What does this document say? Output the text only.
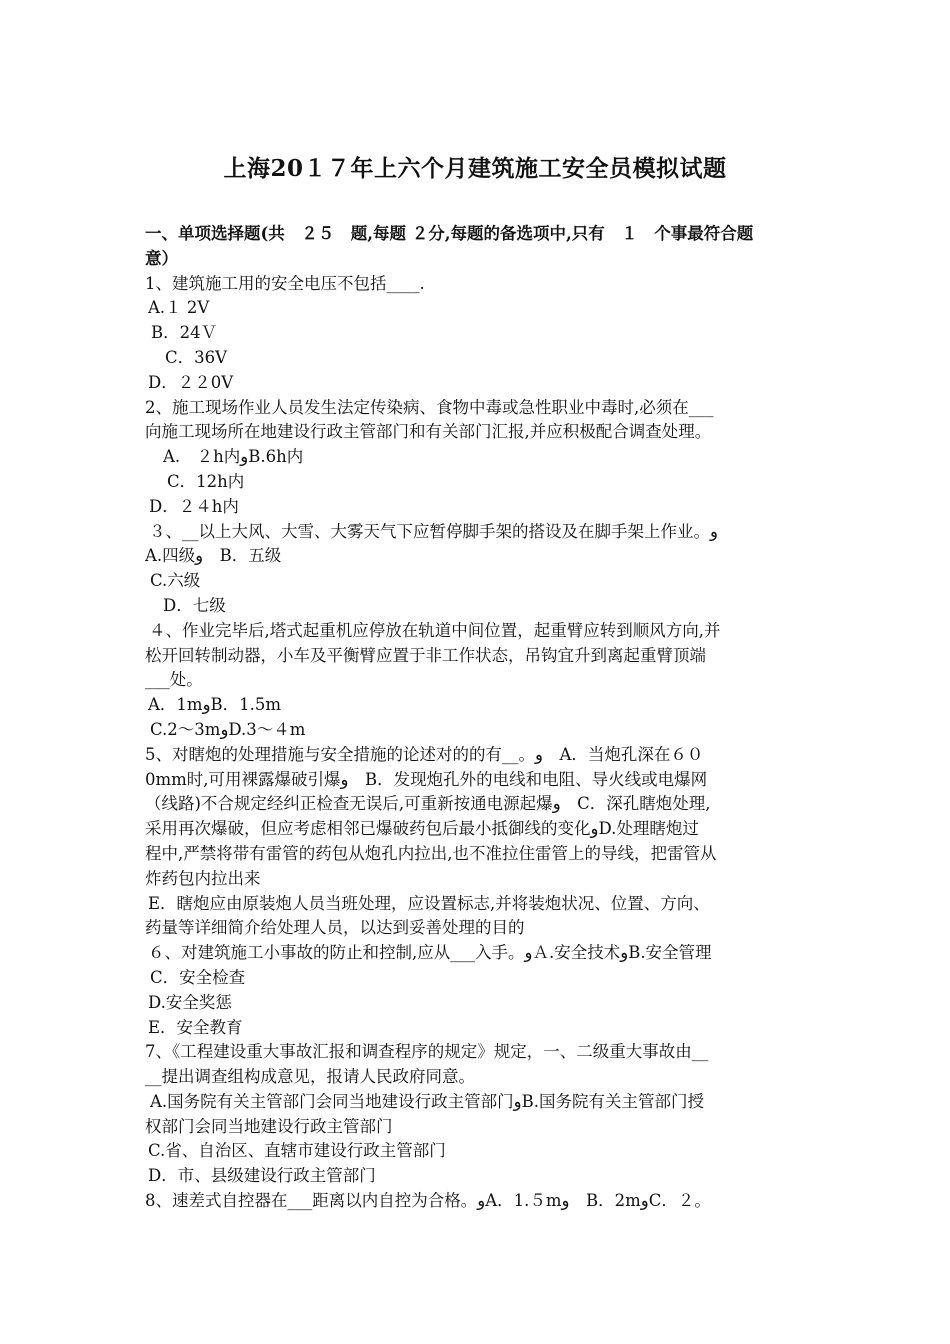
上海20１７年上六个月建筑施工安全员模拟试题
一、单项选择题(共　２５　题,每题 ２分,每题的备选项中,只有　１　个事最符合题
意）
1、建筑施工用的安全电压不包括____.
A.１ 2V
B．24Ｖ
C．36V
D．２２0V
2、施工现场作业人员发生法定传染病、食物中毒或急性职业中毒时,必须在___
向施工现场所在地建设行政主管部门和有关部门汇报,并应积极配合调查处理。
A.　２h内وB.6h内
C．12h内
D．２４h内
３、__以上大风、大雪、大雾天气下应暂停脚手架的搭设及在脚手架上作业。و
A.四级و　B．五级
C.六级
D．七级
４、作业完毕后,塔式起重机应停放在轨道中间位置，起重臂应转到顺风方向,并
松开回转制动器，小车及平衡臂应置于非工作状态，吊钩宜升到离起重臂顶端
___处。
A．1mوB．1.5m
C.2～3mوD.3～４m
5、对瞎炮的处理措施与安全措施的论述对的的有__。و　A．当炮孔深在６０
0mm时,可用裸露爆破引爆و　B．发现炮孔外的电线和电阻、导火线或电爆网
（线路)不合规定经纠正检查无误后,可重新按通电源起爆و　C．深孔瞎炮处理,
采用再次爆破，但应考虑相邻已爆破药包后最小抵御线的变化وD.处理瞎炮过
程中,严禁将带有雷管的药包从炮孔内拉出,也不准拉住雷管上的导线，把雷管从
炸药包内拉出来
E．瞎炮应由原装炮人员当班处理，应设置标志,并将装炮状况、位置、方向、
药量等详细简介给处理人员，以达到妥善处理的目的
６、对建筑施工小事故的防止和控制,应从___入手。وＡ.安全技术وB.安全管理
C．安全检查
D.安全奖惩
E．安全教育
7、《工程建设重大事故汇报和调查程序的规定》规定，一、二级重大事故由__
__提出调查组构成意见，报请人民政府同意。
A.国务院有关主管部门会同当地建设行政主管部门وB.国务院有关主管部门授
权部门会同当地建设行政主管部门
C.省、自治区、直辖市建设行政主管部门
D．市、县级建设行政主管部门
8、速差式自控器在___距离以内自控为合格。وA．1.５mو　B．2mوC．２。
